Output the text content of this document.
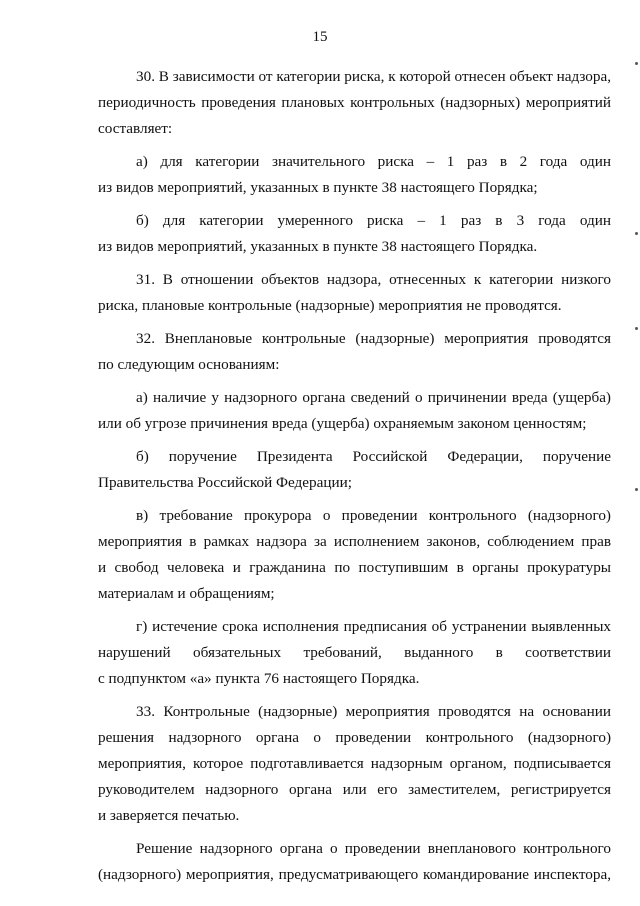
15
30. В зависимости от категории риска, к которой отнесен объект надзора,
периодичность проведения плановых контрольных (надзорных) мероприятий
составляет:
а) для категории значительного риска – 1 раз в 2 года один
из видов мероприятий, указанных в пункте 38 настоящего Порядка;
б) для категории умеренного риска – 1 раз в 3 года один
из видов мероприятий, указанных в пункте 38 настоящего Порядка.
31. В отношении объектов надзора, отнесенных к категории низкого
риска, плановые контрольные (надзорные) мероприятия не проводятся.
32. Внеплановые контрольные (надзорные) мероприятия проводятся
по следующим основаниям:
а) наличие у надзорного органа сведений о причинении вреда (ущерба)
или об угрозе причинения вреда (ущерба) охраняемым законом ценностям;
б) поручение Президента Российской Федерации, поручение
Правительства Российской Федерации;
в) требование прокурора о проведении контрольного (надзорного)
мероприятия в рамках надзора за исполнением законов, соблюдением прав
и свобод человека и гражданина по поступившим в органы прокуратуры
материалам и обращениям;
г) истечение срока исполнения предписания об устранении выявленных
нарушений обязательных требований, выданного в соответствии
с подпунктом «а» пункта 76 настоящего Порядка.
33. Контрольные (надзорные) мероприятия проводятся на основании
решения надзорного органа о проведении контрольного (надзорного)
мероприятия, которое подготавливается надзорным органом, подписывается
руководителем надзорного органа или его заместителем, регистрируется
и заверяется печатью.
Решение надзорного органа о проведении внепланового контрольного
(надзорного) мероприятия, предусматривающего командирование инспектора,
